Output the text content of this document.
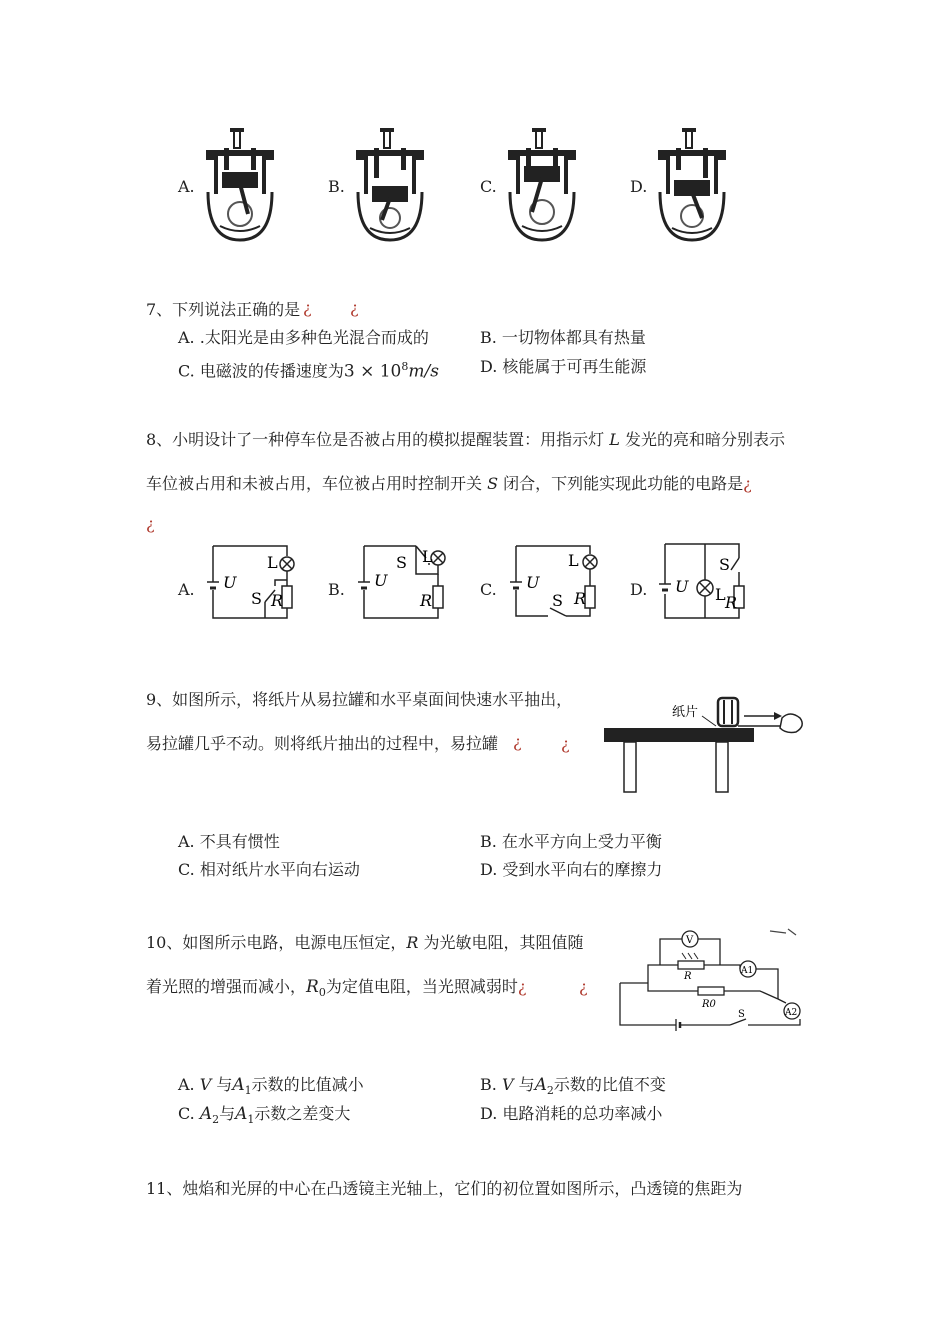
A.	B.	C.	D.
7、下列说法正确的是 ¿ ¿
A. .太阳光是由多种色光混合而成的	B. 一切物体都具有热量
C. 电磁波的传播速度为$3 \times 10^8m/s$	D. 核能属于可再生能源
8、小明设计了一种停车位是否被占用的模拟提醒装置：用指示灯 L 发光的亮和暗分别表示
车位被占用和未被占用，车位被占用时控制开关 S 闭合，下列能实现此功能的电路是¿
¿
A.	B.	C.	D.
U
L
S R
U
S L
R
U
L
S R
U L
S
R
9、如图所示，将纸片从易拉罐和水平桌面间快速水平抽出，
易拉罐几乎不动。则将纸片抽出的过程中，易拉罐 ¿ ¿
纸片
A. 不具有惯性	B. 在水平方向上受力平衡
C. 相对纸片水平向右运动	D. 受到水平向右的摩擦力
10、如图所示电路，电源电压恒定，R 为光敏电阻，其阻值随
着光照的增强而减小，$R_0$为定值电阻，当光照减弱时¿	¿
V
R	A1
R0
A2
S
A. V 与$A_1$示数的比值减小	B. V 与$A_2$示数的比值不变
C. $A_2$与$A_1$示数之差变大	D. 电路消耗的总功率减小
11、烛焰和光屏的中心在凸透镜主光轴上，它们的初位置如图所示，凸透镜的焦距为
